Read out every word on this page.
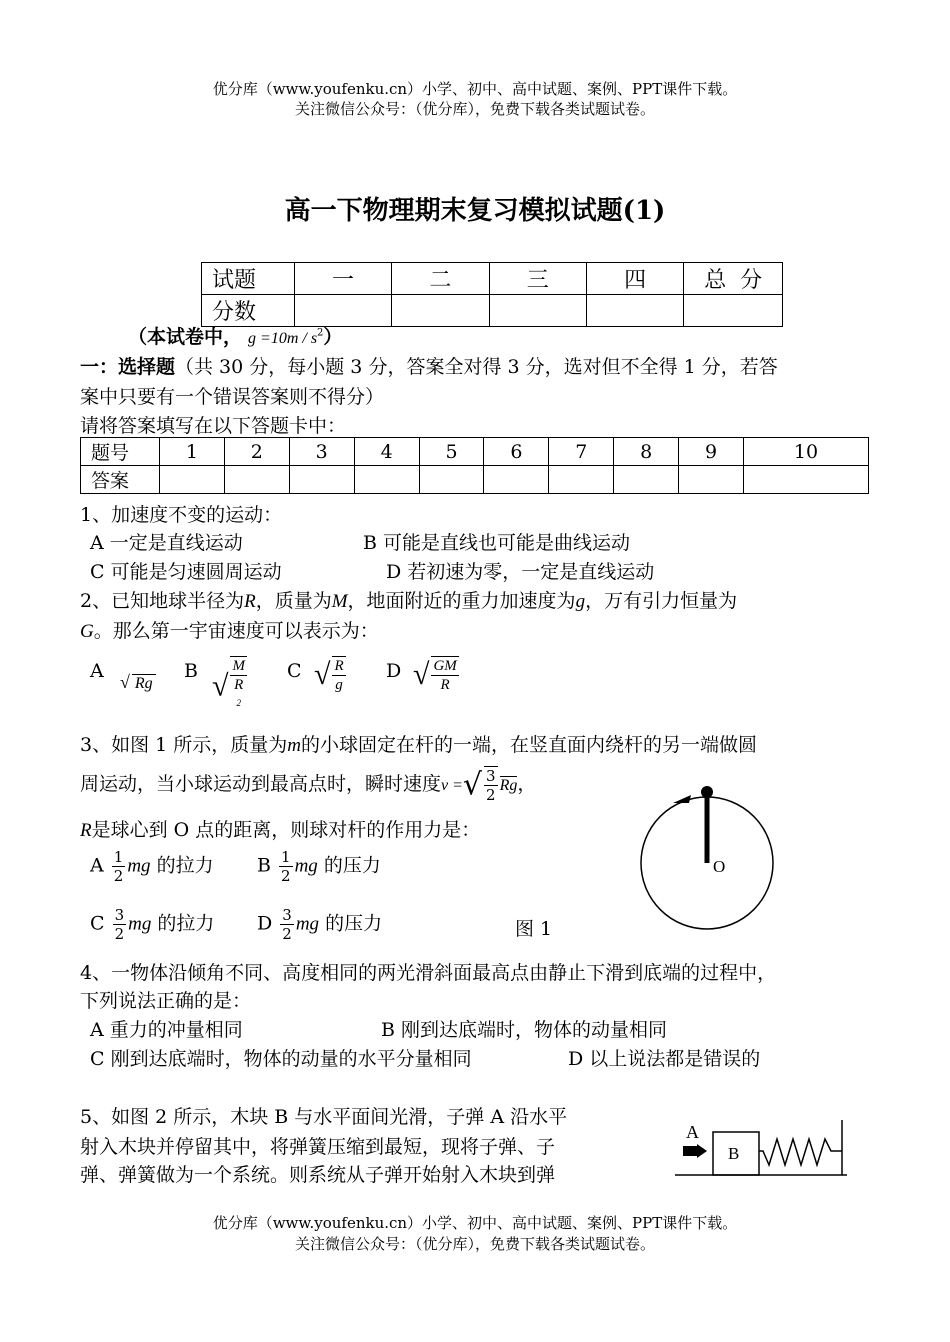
优分库（www.youfenku.cn）小学、初中、高中试题、案例、PPT课件下载。
关注微信公众号：（优分库），免费下载各类试题试卷。
高一下物理期末复习模拟试题(1)
试题	一	二	三	四	总  分
分数					
（本试卷中， $g =10m / s^2$）
一：选择题（共 30 分，每小题 3 分，答案全对得 3 分，选对但不全得 1 分，若答
案中只要有一个错误答案则不得分）
请将答案填写在以下答题卡中：
题号	1	2	3	4	5	6	7	8	9	10
答案										
1、加速度不变的运动：
A 一定是直线运动	B 可能是直线也可能是曲线运动
C 可能是匀速圆周运动	D 若初速为零，一定是直线运动
2、已知地球半径为R，质量为M，地面附近的重力加速度为g，万有引力恒量为
G。那么第一宇宙速度可以表示为：
A √ Rg
B √ M
R
$^2$ C √ $\frac{R}{g}$ D √ $\frac{GM}{R}$
3、如图 1 所示，质量为m的小球固定在杆的一端，在竖直面内绕杆的另一端做圆
周运动，当小球运动到最高点时，瞬时速度v =√ $\frac{3}{2}$ Rg，
R是球心到 O 点的距离，则球对杆的作用力是：
A $\frac{1}{2}$ mg 的拉力 B $\frac{1}{2}$ mg 的压力
C $\frac{3}{2}$ mg 的拉力 D $\frac{3}{2}$ mg 的压力	图 1
O
4、一物体沿倾角不同、高度相同的两光滑斜面最高点由静止下滑到底端的过程中，
下列说法正确的是：
A 重力的冲量相同	B 刚到达底端时，物体的动量相同
C 刚到达底端时，物体的动量的水平分量相同	D 以上说法都是错误的
5、如图 2 所示，木块 B 与水平面间光滑，子弹 A 沿水平
射入木块并停留其中，将弹簧压缩到最短，现将子弹、子
弹、弹簧做为一个系统。则系统从子弹开始射入木块到弹
A
B
优分库（www.youfenku.cn）小学、初中、高中试题、案例、PPT课件下载。
关注微信公众号：（优分库），免费下载各类试题试卷。
